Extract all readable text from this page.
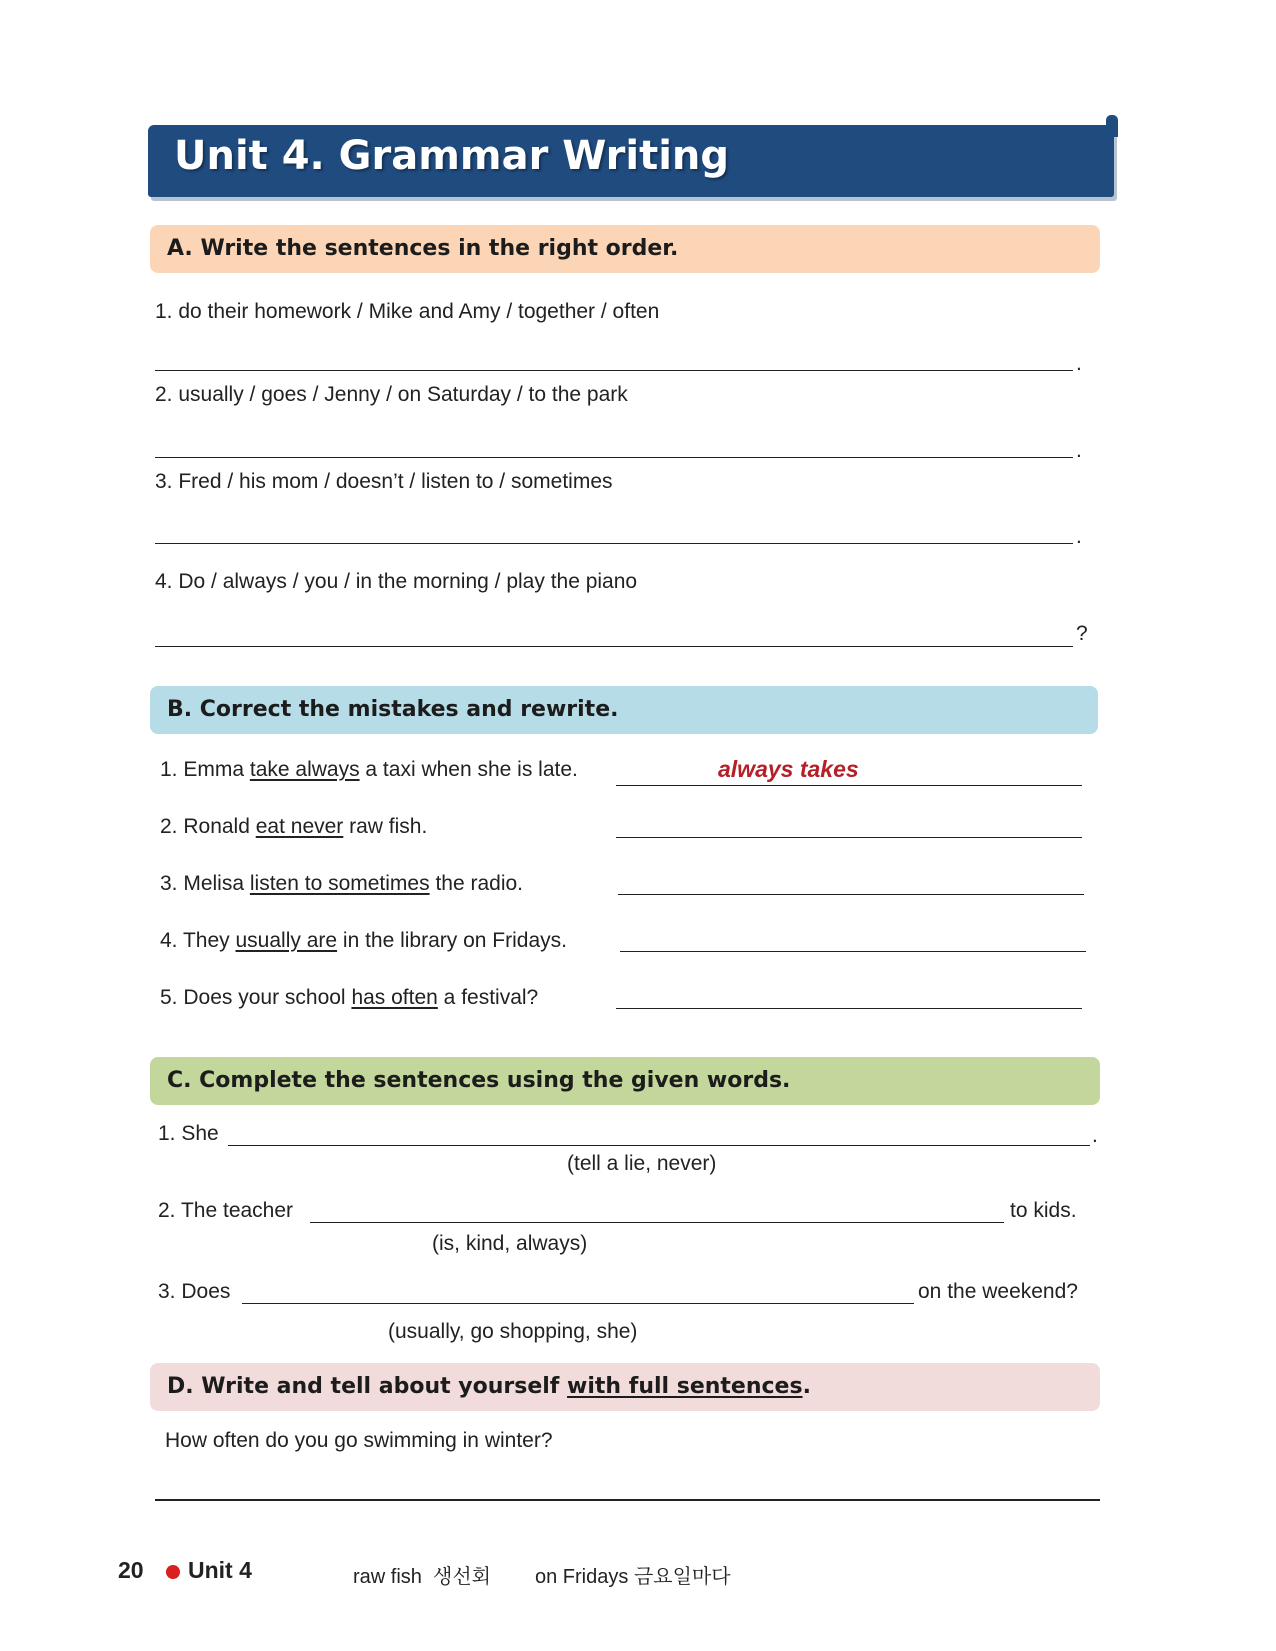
Unit 4. Grammar Writing
A. Write the sentences in the right order.
1. do their homework / Mike and Amy / together / often
.
2. usually / goes / Jenny / on Saturday / to the park
.
3. Fred / his mom / doesn’t / listen to / sometimes
.
4. Do / always / you / in the morning / play the piano
?
B. Correct the mistakes and rewrite.
1. Emma take always a taxi when she is late.	always takes
2. Ronald eat never raw fish.
3. Melisa listen to sometimes the radio.
4. They usually are in the library on Fridays.
5. Does your school has often a festival?
C. Complete the sentences using the given words.
1. She	.
(tell a lie, never)
2. The teacher	to kids.
(is, kind, always)
3. Does	on the weekend?
(usually, go shopping, she)
D. Write and tell about yourself with full sentences.
How often do you go swimming in winter?
20 Unit 4	raw fish 생선회 on Fridays 금요일마다
